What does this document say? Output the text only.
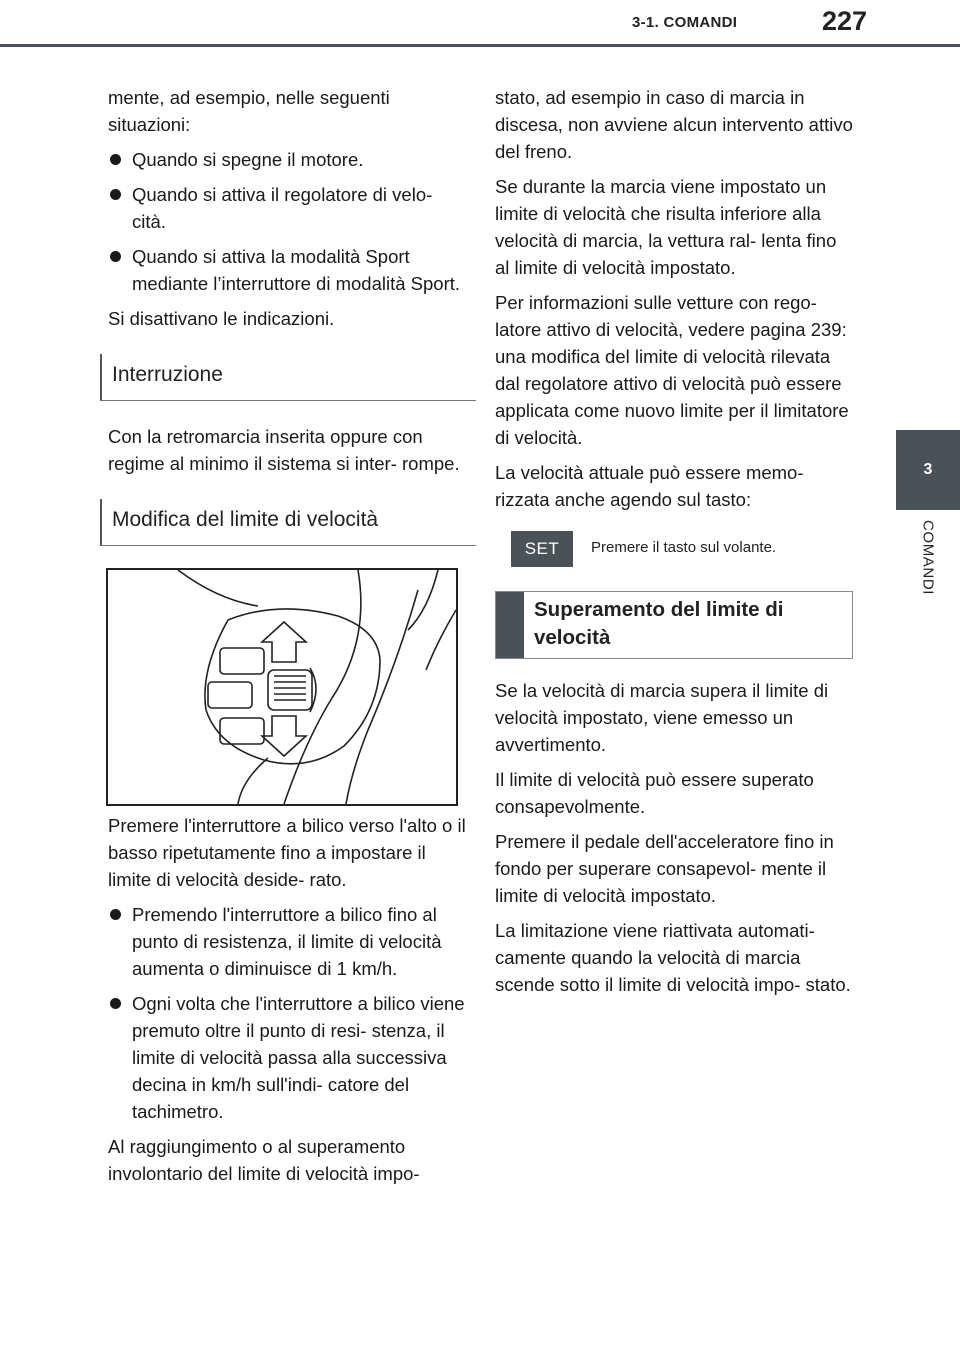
3-1. COMANDI	227
3
COMANDI

mente, ad esempio, nelle seguenti situazioni:

Quando si spegne il motore.
Quando si attiva il regolatore di velo- cità.
Quando si attiva la modalità Sport mediante l’interruttore di modalità Sport.

Si disattivano le indicazioni.

Interruzione

Con la retromarcia inserita oppure con regime al minimo il sistema si inter- rompe.

Modifica del limite di velocità

Premere l'interruttore a bilico verso l'alto o il basso ripetutamente fino a impostare il limite di velocità deside- rato.

Premendo l'interruttore a bilico fino al punto di resistenza, il limite di velocità aumenta o diminuisce di 1 km/h.
Ogni volta che l'interruttore a bilico viene premuto oltre il punto di resi- stenza, il limite di velocità passa alla successiva decina in km/h sull'indi- catore del tachimetro.

Al raggiungimento o al superamento involontario del limite di velocità impo-

stato, ad esempio in caso di marcia in discesa, non avviene alcun intervento attivo del freno.

Se durante la marcia viene impostato un limite di velocità che risulta inferiore alla velocità di marcia, la vettura ral- lenta fino al limite di velocità impostato.

Per informazioni sulle vetture con rego- latore attivo di velocità, vedere pagina 239: una modifica del limite di velocità rilevata dal regolatore attivo di velocità può essere applicata come nuovo limite per il limitatore di velocità.

La velocità attuale può essere memo- rizzata anche agendo sul tasto:

SET	Premere il tasto sul volante.
Superamento del limite di velocità

Se la velocità di marcia supera il limite di velocità impostato, viene emesso un avvertimento.

Il limite di velocità può essere superato consapevolmente.

Premere il pedale dell'acceleratore fino in fondo per superare consapevol- mente il limite di velocità impostato.

La limitazione viene riattivata automati- camente quando la velocità di marcia scende sotto il limite di velocità impo- stato.
